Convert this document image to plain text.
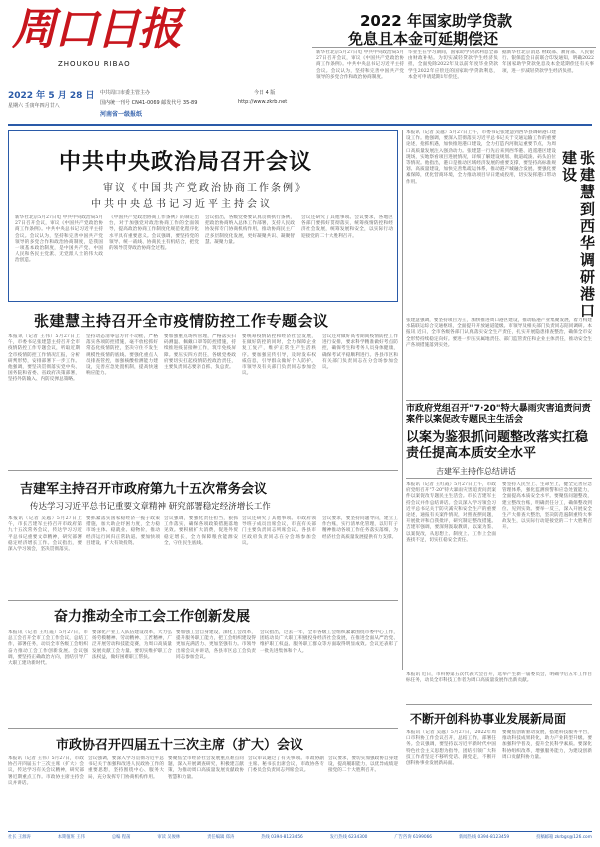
周口日报
ZHOUKOU RIBAO
新华社北京5月27日电 中共中央政治局5月27日召开会议，审议《中国共产党政治协商工作条例》。中共中央总书记习近平主持会议。会议认为，坚持和完善中国共产党领导的多党合作和政治协商制度。
毕业生在学习期间，国家助学贷款利息全部由财政补贴。为切实减轻贷款学生经济负担，全面免除2022年及以前年度毕业贷款学生2022年应偿还的国家助学贷款利息，本金可申请延期1年偿还。
据新华社北京消息 财政部、教育部、人民银行、银保监会日前联合印发通知，明确2022年国家助学贷款免息及本金延期偿还有关事项，进一步减轻贷款学生经济负担。
2022 年国家助学贷款
免息且本金可延期偿还
2022 年 5 月 28 日
星期六 壬寅年四月廿八
中共周口市委主管主办	今日 4 版
国内统一刊号 CN41-0069 邮发代号 35-89	http://www.zkrb.net
河南省一级报纸
中共中央政治局召开会议
审议《中国共产党政治协商工作条例》
中共中央总书记习近平主持会议
新华社北京5月27日电 中共中央政治局5月27日召开会议，审议《中国共产党政治协商工作条例》。中共中央总书记习近平主持会议。会议认为，坚持和完善中国共产党领导的多党合作和政治协商制度，是我国一项基本政治制度，是中国共产党、中国人民和各民主党派、无党派人士的伟大政治创造。
《中国共产党政治协商工作条例》的制定出台，对于加强党对政治协商工作的全面领导，提高政治协商工作制度化规范化程序化水平具有重要意义。会议强调，要坚持党的领导、统一战线、协商民主有机结合，把党的领导贯穿政治协商全过程。
会议指出，各级党委要认真贯彻执行条例，把政治协商纳入总体工作部署，支持人民政协发挥专门协商机构作用，推动协商民主广泛多层制度化发展，更好凝聚共识、凝聚智慧、凝聚力量。
会议还研究了其他事项。会议要求，各地区各部门要抓好贯彻落实，统筹疫情防控和经济社会发展，统筹发展和安全，以实际行动迎接党的二十大胜利召开。
本报讯（记者 吴越）5月27日上午，市委书记张建慧到西华县调研港口建设工作。他强调，要深入贯彻落实习近平总书记关于交通运输工作的重要论述，抢抓机遇，加快推进港口建设，全力打造内河航运重要节点，为周口高质量发展注入强劲动力。张建慧一行先后来到西华港、逍遥港区建设现场，实地察看项目进展情况，详细了解建设规划、航道疏浚、码头泊位等情况。他指出，港口是推动区域经济发展的重要支撑，要坚持高标准规划、高质量建设，加快完善集疏运体系，推动港产城融合发展。要强化要素保障，优化营商环境，全力推动项目早日建成投用，切实发挥港口带动作用。	张建慧到西华调研港口建设
张建慧强调，要坚持项目为王，加快推进周口港区建设，推动临港产业集聚发展，着力构建水陆联运综合交通枢纽，全面提升开放通道能级。市领导及相关部门负责同志陪同调研。本报讯 近日，全市各级各部门认真落实安全生产责任，扎实开展隐患排查整治，确保全市安全形势持续稳定向好。要进一步压实属地责任、部门监管责任和企业主体责任，推动安全生产各项措施落到实处。
市政府党组召开"7·20"特大暴雨灾害追责问责案件以案促改专题民主生活会
以案为鉴狠抓问题整改落实扛稳责任提高本质安全水平
吉建军主持作总结讲话
本报讯（记者 王红霞）5月27日上午，市政府党组召开"7·20"特大暴雨灾害追责问责案件以案促改专题民主生活会。市长吉建军主持会议并作总结讲话。会议深入学习领会习近平总书记关于防灾减灾和安全生产的重要论述，通报有关案件情况，对照查摆问题，开展批评和自我批评，研究制定整改措施。吉建军强调，要深刻汲取教训，以案为鉴、以案促改，从思想上、制度上、工作上全面查找不足，切实扛稳安全责任。
要坚持人民至上、生命至上，健全完善应急管理体系，强化监测预警和应急处置能力，全面提高本质安全水平。要聚焦问题整改，建立整改台账，明确责任分工，确保整改到位、见到实效。要举一反三，深入开展安全生产大排查大整治，坚决防范遏制重特大事故发生，以实际行动迎接党的二十大胜利召开。
张建慧主持召开全市疫情防控工作专题会议
本报讯（记者 王伟）5月27日上午，市委书记张建慧主持召开全市疫情防控工作专题会议，听取近期全市疫情防控工作情况汇报，分析研判形势，安排部署下一步工作。他强调，要坚决贯彻落实党中央、国务院和省委、省政府决策部署，坚持外防输入、内防反弹总策略。
坚持动态清零总方针不动摇，严格落实各项防控措施，毫不放松抓好常态化疫情防控，坚决守住不发生规模性疫情的底线。要强化重点人员排查管控，加强核酸检测能力建设，完善应急处置机制，提高快速响应能力。
要加强重点场所管理，严格落实扫码测温、佩戴口罩等防控措施，持续推进疫苗接种工作，筑牢免疫屏障。要压实四方责任，各级党委政府要切实扛起疫情防控政治责任，主要负责同志要亲自抓、负总责。
要统筹疫情防控和经济社会发展，在做好防控的同时，全力保障企业复工复产，维护正常生产生活秩序。要加强宣传引导，及时发布权威信息，引导群众做好个人防护。市领导及有关部门负责同志参加会议。
会议还对做好高考期间疫情防控工作进行安排，要求科学精准做好考点防控，确保考生和考务人员身体健康，确保考试平稳顺利进行。各县市区和有关部门负责同志在分会场参加会议。
吉建军主持召开市政府第九十五次常务会议
传达学习习近平总书记重要文章精神 研究部署稳定经济增长工作
本报讯（记者 吴越）5月27日上午，市长吉建军主持召开市政府第九十五次常务会议，传达学习习近平总书记重要文章精神，研究部署稳定经济增长工作。会议指出，要深入学习领会，坚决贯彻落实。
要抓紧落实国家稳经济一揽子政策措施，加大助企纾困力度，全力稳市场主体、稳就业、稳物价，推动经济运行回归正常轨道。要加快项目建设，扩大有效投资。
会议强调，要强化责任担当，狠抓工作落实，确保各项政策措施落地见效。要积极扩大消费，促进外贸稳定增长，全力保障粮食能源安全，守住民生底线。
会议还研究了其他事项。市政府领导班子成员出席会议，市直有关部门主要负责同志列席会议。各县市区政府负责同志在分会场参加会议。
会议要求，要坚持问题导向，建立工作台账，实行清单化管理，以钉钉子精神推动各项工作任务落实落细，为经济社会高质量发展提供有力支撑。
奋力推动全市工会工作创新发展
本报讯（记者 王红霞）5月27日，市总工会召开全市工会工作会议，总结工作，部署任务，动员全市各级工会组织奋力推动工会工作创新发展。会议强调，要坚持正确政治方向，团结引导广大职工建功新时代。
要深化产业工人队伍建设改革，大力弘扬劳模精神、劳动精神、工匠精神，广泛开展劳动和技能竞赛，为周口高质量发展贡献工会力量。要切实维护职工合法权益，做好困难职工帮扶。
要加强工会自身建设，深化工会改革，提升服务职工能力，把工会组织建设得更加充满活力、更加坚强有力。市领导出席会议并讲话，各县市区总工会负责同志参加会议。
会议指出，过去一年，全市各级工会组织紧紧围绕市委中心工作，团结动员广大职工积极投身经济社会发展，在推进全面从严治党、维护职工权益、服务职工群众等方面取得明显成效。会议还表彰了一批先进集体和个人。
市政协召开四届五十三次主席（扩大）会议
本报讯（记者 王伟）5月27日，市政协召开四届五十三次主席（扩大）会议，传达学习有关会议精神，研究部署近期重点工作。市政协主席主持会议并讲话。
会议强调，要深入学习贯彻习近平总书记关于加强和改进人民政协工作的重要思想，坚持围绕中心、服务大局，充分发挥专门协商机构作用。
要聚焦全市经济社会发展重点难点问题，深入开展调查研究，积极建言献策，为推动周口高质量发展贡献政协智慧和力量。
会议审议通过了有关事项。市政协副主席、秘书长出席会议，市政协各专门委员会负责同志列席会议。
会议要求，要切实加强政协自身建设，提高履职能力，以优异成绩迎接党的二十大胜利召开。
本报讯 近日，市科协第五次代表大会召开，选举产生新一届委员会，明确今后五年工作目标任务，动员全市科技工作者为周口高质量发展作出新贡献。
不断开创科协事业发展新局面
本报讯（记者 吴越）5月27日，2022年周口市科协工作会议召开，总结工作，部署任务。会议强调，要坚持以习近平新时代中国特色社会主义思想为指导，团结引领广大科技工作者坚定不移听党话、跟党走，不断开创科协事业发展新局面。
要聚焦创新驱动发展，搭建科技服务平台，推动科技成果转化，助力产业转型升级。要加强科学普及，提升全民科学素质。要深化科协组织改革，增强服务能力，为建设创新周口贡献科协力量。
社长 王源涛	本期值班 王伟	总编 程菡	审读 吴俊林	责任编辑 郑涛	热线 0394-8123456	发行热线 6234300	广告咨询 6199066	新闻热线 0394-8123459	投稿邮箱 zkrbgs@126.com
